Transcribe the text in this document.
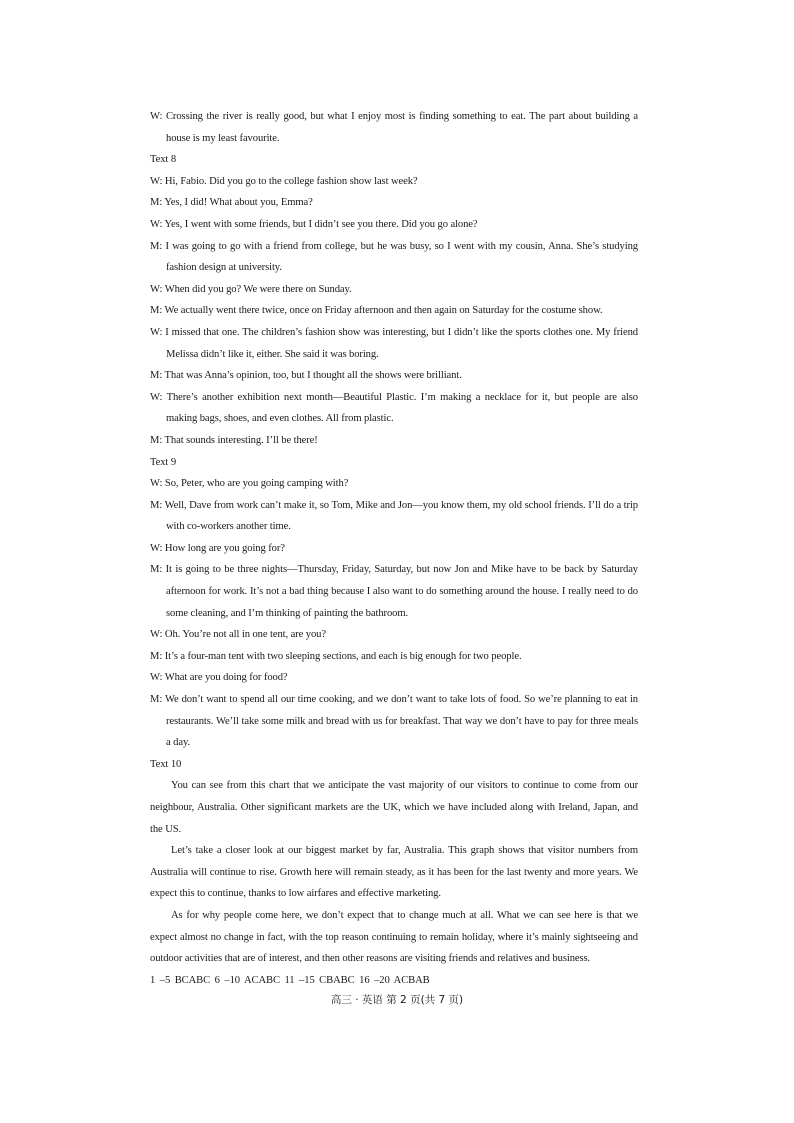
W: Crossing the river is really good, but what I enjoy most is finding something to eat. The part about building a house is my least favourite.
Text 8
W: Hi, Fabio. Did you go to the college fashion show last week?
M: Yes, I did! What about you, Emma?
W: Yes, I went with some friends, but I didn’t see you there. Did you go alone?
M: I was going to go with a friend from college, but he was busy, so I went with my cousin, Anna. She’s studying fashion design at university.
W: When did you go? We were there on Sunday.
M: We actually went there twice, once on Friday afternoon and then again on Saturday for the costume show.
W: I missed that one. The children’s fashion show was interesting, but I didn’t like the sports clothes one. My friend Melissa didn’t like it, either. She said it was boring.
M: That was Anna’s opinion, too, but I thought all the shows were brilliant.
W: There’s another exhibition next month—Beautiful Plastic. I’m making a necklace for it, but people are also making bags, shoes, and even clothes. All from plastic.
M: That sounds interesting. I’ll be there!
Text 9
W: So, Peter, who are you going camping with?
M: Well, Dave from work can’t make it, so Tom, Mike and Jon—you know them, my old school friends. I’ll do a trip with co-workers another time.
W: How long are you going for?
M: It is going to be three nights—Thursday, Friday, Saturday, but now Jon and Mike have to be back by Saturday afternoon for work. It’s not a bad thing because I also want to do something around the house. I really need to do some cleaning, and I’m thinking of painting the bathroom.
W: Oh. You’re not all in one tent, are you?
M: It’s a four-man tent with two sleeping sections, and each is big enough for two people.
W: What are you doing for food?
M: We don’t want to spend all our time cooking, and we don’t want to take lots of food. So we’re planning to eat in restaurants. We’ll take some milk and bread with us for breakfast. That way we don’t have to pay for three meals a day.
Text 10
You can see from this chart that we anticipate the vast majority of our visitors to continue to come from our neighbour, Australia. Other significant markets are the UK, which we have included along with Ireland, Japan, and the US.
Let’s take a closer look at our biggest market by far, Australia. This graph shows that visitor numbers from Australia will continue to rise. Growth here will remain steady, as it has been for the last twenty and more years. We expect this to continue, thanks to low airfares and effective marketing.
As for why people come here, we don’t expect that to change much at all. What we can see here is that we expect almost no change in fact, with the top reason continuing to remain holiday, where it’s mainly sightseeing and outdoor activities that are of interest, and then other reasons are visiting friends and relatives and business.
1 –5 BCABC 6 –10 ACABC 11 –15 CBABC 16 –20 ACBAB
高三 · 英语 第 2 页(共 7 页)
